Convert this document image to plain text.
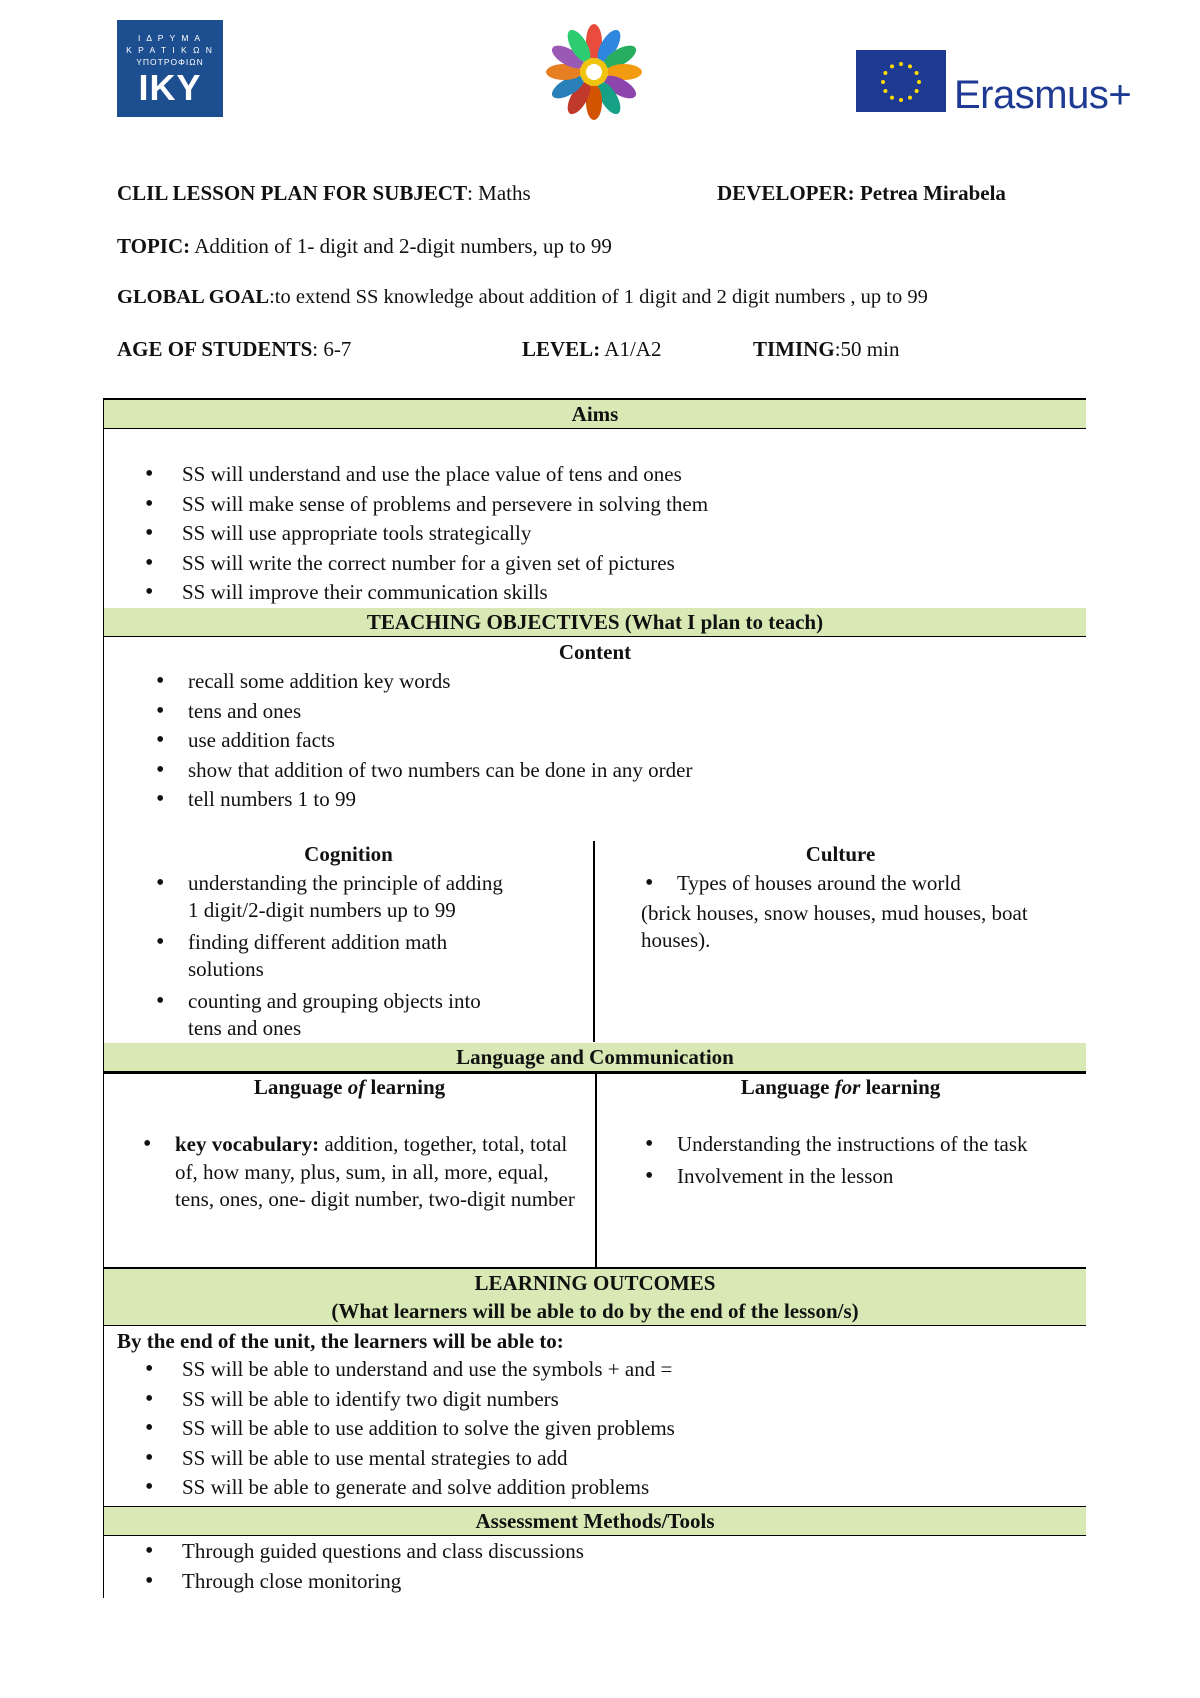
Ι Δ Ρ Υ Μ Α
Κ Ρ Α Τ Ι Κ Ω Ν
ΥΠΟΤΡΟΦΙΩΝ
IKY	Erasmus+
CLIL LESSON PLAN FOR SUBJECT: Maths	DEVELOPER: Petrea Mirabela
TOPIC: Addition of 1- digit and 2-digit numbers, up to 99
GLOBAL GOAL:to extend SS knowledge about addition of 1 digit and 2 digit numbers , up to 99
AGE OF STUDENTS: 6-7	LEVEL: A1/A2	TIMING:50 min
Aims
• SS will understand and use the place value of tens and ones
• SS will make sense of problems and persevere in solving them
• SS will use appropriate tools strategically
• SS will write the correct number for a given set of pictures
• SS will improve their communication skills
TEACHING OBJECTIVES (What I plan to teach)
Content
• recall some addition key words
• tens and ones
• use addition facts
• show that addition of two numbers can be done in any order
• tell numbers 1 to 99
Cognition
• understanding the principle of adding 1 digit/2-digit numbers up to 99
• finding different addition math solutions
• counting and grouping objects into tens and ones
Culture
• Types of houses around the world
(brick houses, snow houses, mud houses, boat houses).
Language and Communication
Language of learning	Language for learning
• key vocabulary: addition, together, total, total of, how many, plus, sum, in all, more, equal, tens, ones, one- digit number, two-digit number
• Understanding the instructions of the task
• Involvement in the lesson
LEARNING OUTCOMES
(What learners will be able to do by the end of the lesson/s)
By the end of the unit, the learners will be able to:
• SS will be able to understand and use the symbols + and =
• SS will be able to identify two digit numbers
• SS will be able to use addition to solve the given problems
• SS will be able to use mental strategies to add
• SS will be able to generate and solve addition problems
Assessment Methods/Tools
• Through guided questions and class discussions
• Through close monitoring
